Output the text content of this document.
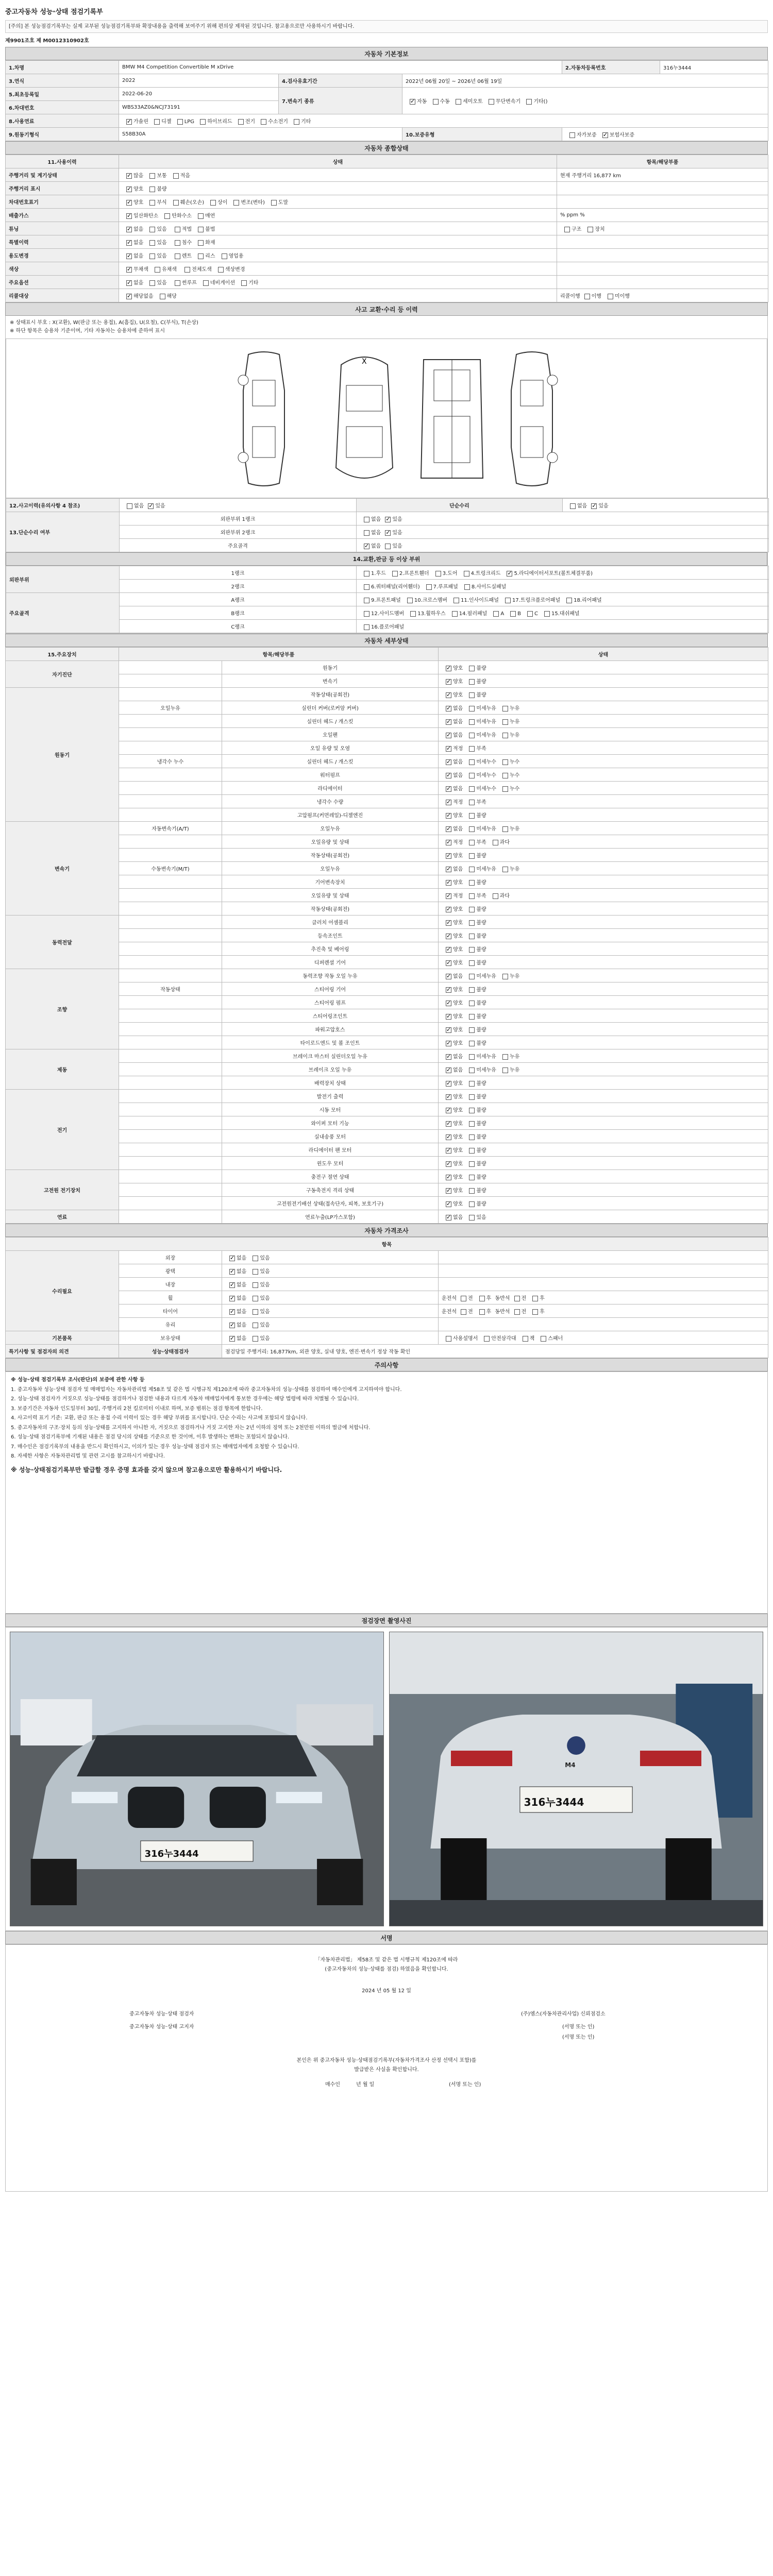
중고자동차 성능·상태 점검기록부
[주의] 본 성능점검기록부는 실제 교부된 성능점검기록부와 확장내용을 출력해 보여주기 위해 편의상 제작된 것입니다. 참고용으로만 사용하시기 바랍니다.
제9901조호 제 M0012310902호
자동차 기본정보
1.차명	BMW M4 Competition Convertible M xDrive			2.자동차등록번호	316누3444
3.연식	2022	4.검사유효기간	2022년 06월 20일 ~ 2026년 06월 19일		
5.최초등록일	2022-06-20	7.변속기 종류	✓자동 수동 세미오토 무단변속기 기타()
6.차대번호	WBS33AZ0&NCJ73191				
8.사용연료	✓가솔린 디젤 LPG 하이브리드 전기 수소전기 기타
9.원동기형식	S58B30A		10.보증유형	자가보증 ✓ 보험사보증
자동차 종합상태
11.사용이력	상태	항목/해당부품
주행거리 및 계기상태	✓많음 보통 적음	현재 주행거리 16,877 km
주행거리 표시	✓양호 불량	
차대번호표기	✓양호 부식 훼손(오손) 상이 변조(변타) 도말	
배출가스	✓일산화탄소 탄화수소 매연	% ppm %
튜닝	✓없음 있음 적법 불법	구조 장치
특별이력	✓없음 있음 침수 화재	
용도변경	✓없음 있음 렌트 리스 영업용	
색상	✓무채색 유채색 전체도색 색상변경	
주요옵션	✓없음 있음 썬루프 네비게이션 기타	
리콜대상	✓해당없음 해당	리콜이행 이행 미이행
사고 교환·수리 등 이력
※ 상태표시 부호 : X(교환), W(판금 또는 용접), A(흠집), U(요철), C(부식), T(손상)
※ 하단 항목은 승용차 기준이며, 기타 자동차는 승용차에 준하여 표시
X
12.사고이력(유의사항 4 참조)	없음 ✓ 있음	단순수리	없음 ✓ 있음
13.단순수리 여부	외판부위 1랭크	없음 ✓ 있음
	외판부위 2랭크	없음 ✓ 있음
	주요골격	✓없음 있음
14.교환,판금 등 이상 부위
외판부위	1랭크	1.후드 2.프론트휀더 3.도어 4.트렁크리드 ✓ 5.라디에이터서포트(볼트체결부품)
	2랭크	6.쿼터패널(리어휀더) 7.루프패널 8.사이드실패널
주요골격	A랭크	9.프론트패널 10.크로스멤버 11.인사이드패널 17.트렁크플로어패널 18.리어패널
	B랭크	12.사이드멤버 13.휠하우스 14.필러패널 A B C 15.대쉬패널
	C랭크	16.플로어패널
자동차 세부상태
15.주요장치	항목/해당부품		상태
자기진단		원동기	✓양호 불량
		변속기	✓양호 불량
원동기		작동상태(공회전)	✓양호 불량
	오일누유	실린더 커버(로커암 커버)	✓없음 미세누유 누유
		실린더 헤드 / 개스킷	✓없음 미세누유 누유
		오일팬	✓없음 미세누유 누유
		오일 유량 및 오염	✓적정 부족
	냉각수 누수	실린더 헤드 / 개스킷	✓없음 미세누수 누수
		워터펌프	✓없음 미세누수 누수
		라디에이터	✓없음 미세누수 누수
		냉각수 수량	✓적정 부족
		고압펌프(커먼레일)-디젤엔진	✓양호 불량
변속기	자동변속기(A/T)	오일누유	✓없음 미세누유 누유
		오일유량 및 상태	✓적정 부족 과다
		작동상태(공회전)	✓양호 불량
	수동변속기(M/T)	오일누유	✓없음 미세누유 누유
		기어변속장치	✓양호 불량
		오일유량 및 상태	✓적정 부족 과다
		작동상태(공회전)	✓양호 불량
동력전달		클러치 어셈블리	✓양호 불량
		등속조인트	✓양호 불량
		추진축 및 베어링	✓양호 불량
		디퍼렌셜 기어	✓양호 불량
조향		동력조향 작동 오일 누유	✓없음 미세누유 누유
	작동상태	스티어링 기어	✓양호 불량
		스티어링 펌프	✓양호 불량
		스티어링조인트	✓양호 불량
		파워고압호스	✓양호 불량
		타이로드엔드 및 볼 조인트	✓양호 불량
제동		브레이크 마스터 실린더오일 누유	✓없음 미세누유 누유
		브레이크 오일 누유	✓없음 미세누유 누유
		배력장치 상태	✓양호 불량
전기		발전기 출력	✓양호 불량
		시동 모터	✓양호 불량
		와이퍼 모터 기능	✓양호 불량
		실내송풍 모터	✓양호 불량
		라디에이터 팬 모터	✓양호 불량
		윈도우 모터	✓양호 불량
고전원 전기장치		충전구 절연 상태	✓양호 불량
		구동축전지 격리 상태	✓양호 불량
		고전원전기배선 상태(접속단자, 피복, 보호기구)	✓양호 불량
연료		연료누출(LP가스포함)	✓없음 있음
자동차 가격조사
항목			
수리필요	외장	✓없음 있음	
	광택	✓없음 있음	
	내장	✓없음 있음	
	휠	✓없음 있음	운전석 전 후 동반석 전 후
	타이어	✓없음 있음	운전석 전 후 동반석 전 후
	유리	✓없음 있음	
기본품목	보유상태	✓없음 있음	사용설명서 안전삼각대 잭 스패너
특기사항 및 점검자의 의견	성능·상태점검자	점검당일 주행거리: 16,877km, 외관 양호, 실내 양호, 엔진·변속기 정상 작동 확인	
주의사항

※ 성능·상태 점검기록부 조사(판단)의 보증에 관한 사항 등

1. 중고자동차 성능·상태 점검자 및 매매업자는 자동차관리법 제58조 및 같은 법 시행규칙 제120조에 따라 중고자동차의 성능·상태를 점검하여 매수인에게 고지하여야 합니다.

2. 성능·상태 점검자가 거짓으로 성능·상태를 점검하거나 점검한 내용과 다르게 자동차 매매업자에게 통보한 경우에는 해당 법령에 따라 처벌될 수 있습니다.

3. 보증기간은 자동차 인도일부터 30일, 주행거리 2천 킬로미터 이내로 하며, 보증 범위는 점검 항목에 한합니다.

4. 사고이력 표기 기준: 교환, 판금 또는 용접 수리 이력이 있는 경우 해당 부위를 표시합니다. 단순 수리는 사고에 포함되지 않습니다.

5. 중고자동차의 구조·장치 등의 성능·상태를 고지하지 아니한 자, 거짓으로 점검하거나 거짓 고지한 자는 2년 이하의 징역 또는 2천만원 이하의 벌금에 처합니다.

6. 성능·상태 점검기록부에 기재된 내용은 점검 당시의 상태를 기준으로 한 것이며, 이후 발생하는 변화는 포함되지 않습니다.

7. 매수인은 점검기록부의 내용을 반드시 확인하시고, 이의가 있는 경우 성능·상태 점검자 또는 매매업자에게 요청할 수 있습니다.

8. 자세한 사항은 자동차관리법 및 관련 고시를 참고하시기 바랍니다.

※ 성능·상태점검기록부만 발급할 경우 증명 효과를 갖지 않으며 참고용으로만 활용하시기 바랍니다.

점검장면 촬영사진
316누3444
316누3444
M4
서명
「자동차관리법」 제58조 및 같은 법 시행규칙 제120조에 따라
(중고자동차의 성능·상태를 점검) 하였음을 확인합니다.
2024 년 05 월 12 일
중고자동차 성능·상태 점검자	(주)엠스(자동차관리사업) 신뢰점검소
중고자동차 성능·상태 고지자	(서명 또는 인)
(서명 또는 인)
본인은 위 중고자동차 성능·상태점검기록부(자동차가격조사 산정 선택시 포함)를
발급받은 사실을 확인합니다.
매수인	년 월 일	(서명 또는 인)
